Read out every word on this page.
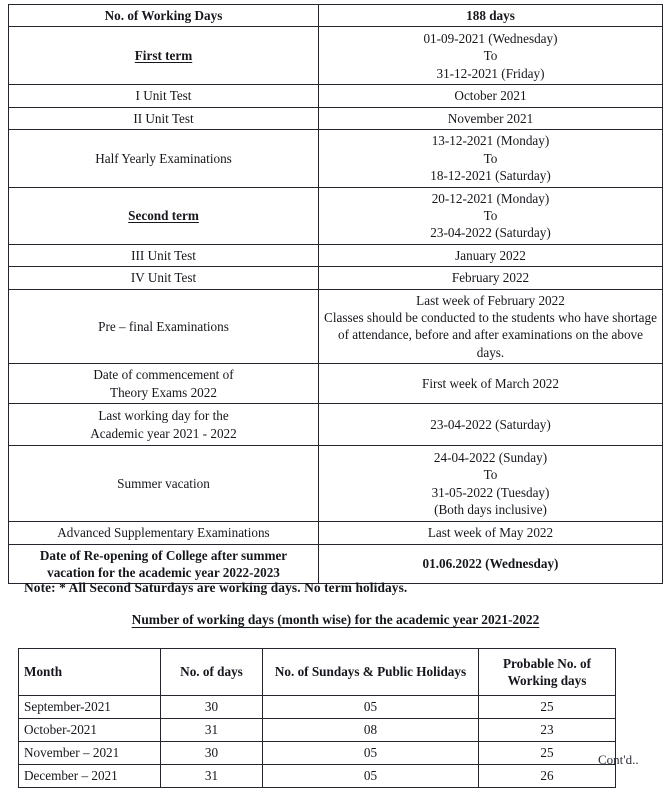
No. of Working Days	188 days
First term	01-09-2021 (Wednesday)
To
31-12-2021 (Friday)
I Unit Test	October 2021
II Unit Test	November 2021
Half Yearly Examinations	13-12-2021 (Monday)
To
18-12-2021 (Saturday)
Second term	20-12-2021 (Monday)
To
23-04-2022 (Saturday)
III Unit Test	January 2022
IV Unit Test	February 2022
Pre – final Examinations	Last week of February 2022
Classes should be conducted to the students who have shortage of attendance, before and after examinations on the above days.
Date of commencement of
Theory Exams 2022	First week of March 2022
Last working day for the
Academic year 2021 - 2022	23-04-2022 (Saturday)
Summer vacation	24-04-2022 (Sunday)
To
31-05-2022 (Tuesday)
(Both days inclusive)
Advanced Supplementary Examinations	Last week of May 2022
Date of Re-opening of College after summer
vacation for the academic year 2022-2023	01.06.2022 (Wednesday)
Note: * All Second Saturdays are working days. No term holidays.
Number of working days (month wise) for the academic year 2021-2022
Month	No. of days	No. of Sundays & Public Holidays	Probable No. of Working days
September-2021	30	05	25
October-2021	31	08	23
November – 2021	30	05	25
December – 2021	31	05	26
Cont'd..
